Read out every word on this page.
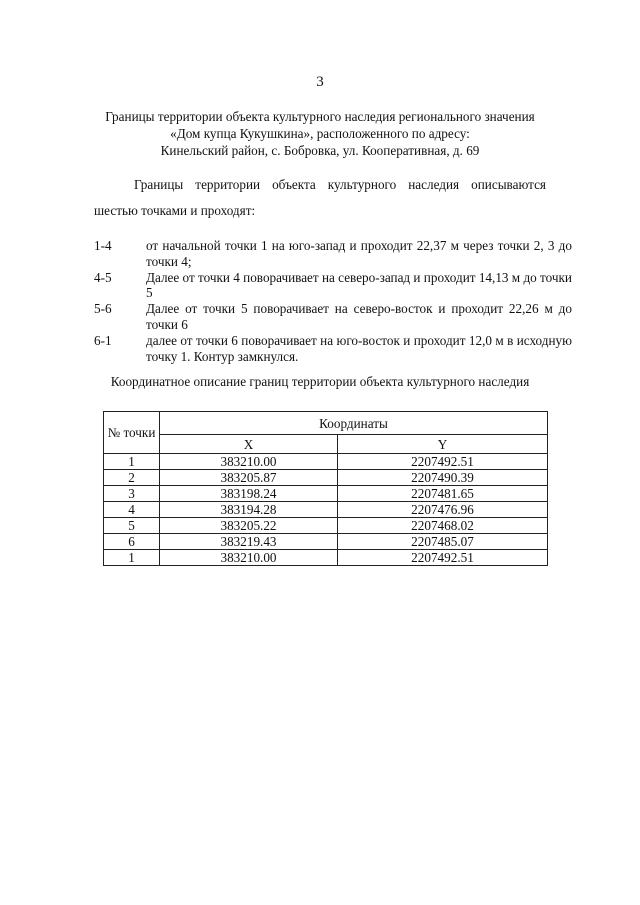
3
Границы территории объекта культурного наследия регионального значения
«Дом купца Кукушкина», расположенного по адресу:
Кинельский район, с. Бобровка, ул. Кооперативная, д. 69
Границы территории объекта культурного наследия описываются
шестью точками и проходят:
1-4	от начальной точки 1 на юго-запад и проходит 22,37 м через точки 2, 3 до точки 4;
4-5	Далее от точки 4 поворачивает на северо-запад и проходит 14,13 м до точки 5
5-6	Далее от точки 5 поворачивает на северо-восток и проходит 22,26 м до точки 6
6-1	далее от точки 6 поворачивает на юго-восток и проходит 12,0 м в исходную точку 1. Контур замкнулся.
Координатное описание границ территории объекта культурного наследия
№ точки	Координаты	
	X	Y
1	383210.00	2207492.51
2	383205.87	2207490.39
3	383198.24	2207481.65
4	383194.28	2207476.96
5	383205.22	2207468.02
6	383219.43	2207485.07
1	383210.00	2207492.51
